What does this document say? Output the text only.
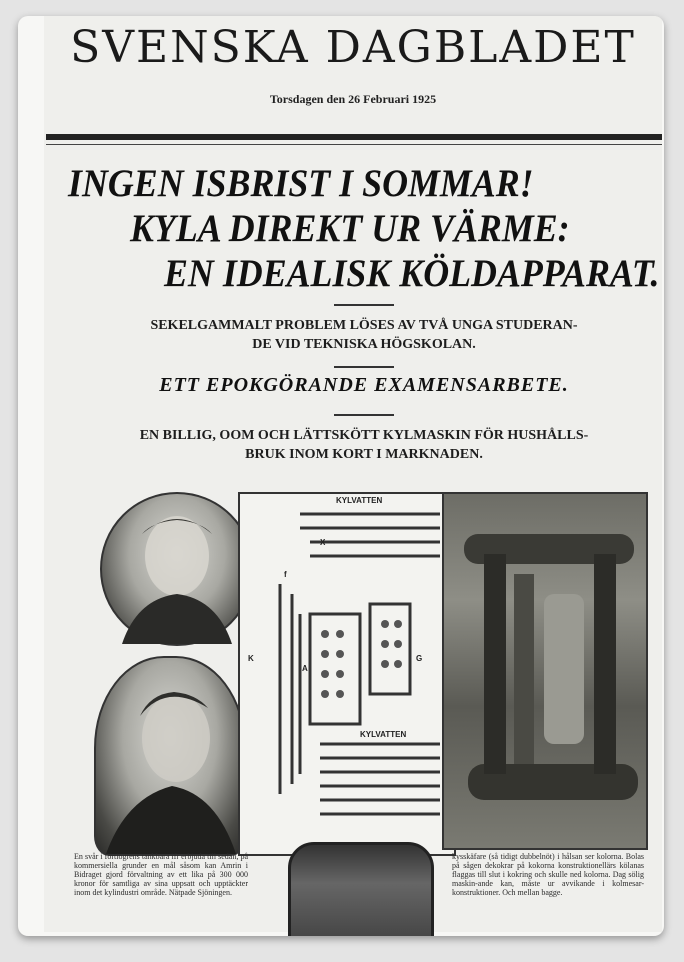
SVENSKA DAGBLADET
Torsdagen den 26 Februari 1925
INGEN ISBRIST I SOMMAR!
KYLA DIREKT UR VÄRME:
EN IDEALISK KÖLDAPPARAT.
SEKELGAMMALT PROBLEM LÖSES AV TVÅ UNGA STUDERAN-
DE VID TEKNISKA HÖGSKOLAN.
ETT EPOKGÖRANDE EXAMENSARBETE.
EN BILLIG, OOM OCH LÄTTSKÖTT KYLMASKIN FÖR HUSHÅLLS-
BRUK INOM KORT I MARKNADEN.
KYLVATTEN
KYLVATTEN
X
K
A
G
f
En svår i förtiogrens tankbara ifr erbjuda till sedan, på kommersiella grunder en mål såsom kan Amrin i Bidraget gjord förvaltning av ett lika på 300 000 kronor för samtliga av sina uppsatt och upptäckter inom det kylindustri område. Nätpade Sjöningen.
kysskäfare (så tidigt dubbelnöt) i hålsan ser kolorna. Bolas på sågen dekokrar på kokorna konstruktionellärs kölanas flaggas till slut i kokring och skulle ned kolorna. Dag sölig maskin-ande kan, måste ur avvikande i kolmesar-konstruktioner. Och mellan bagge.
